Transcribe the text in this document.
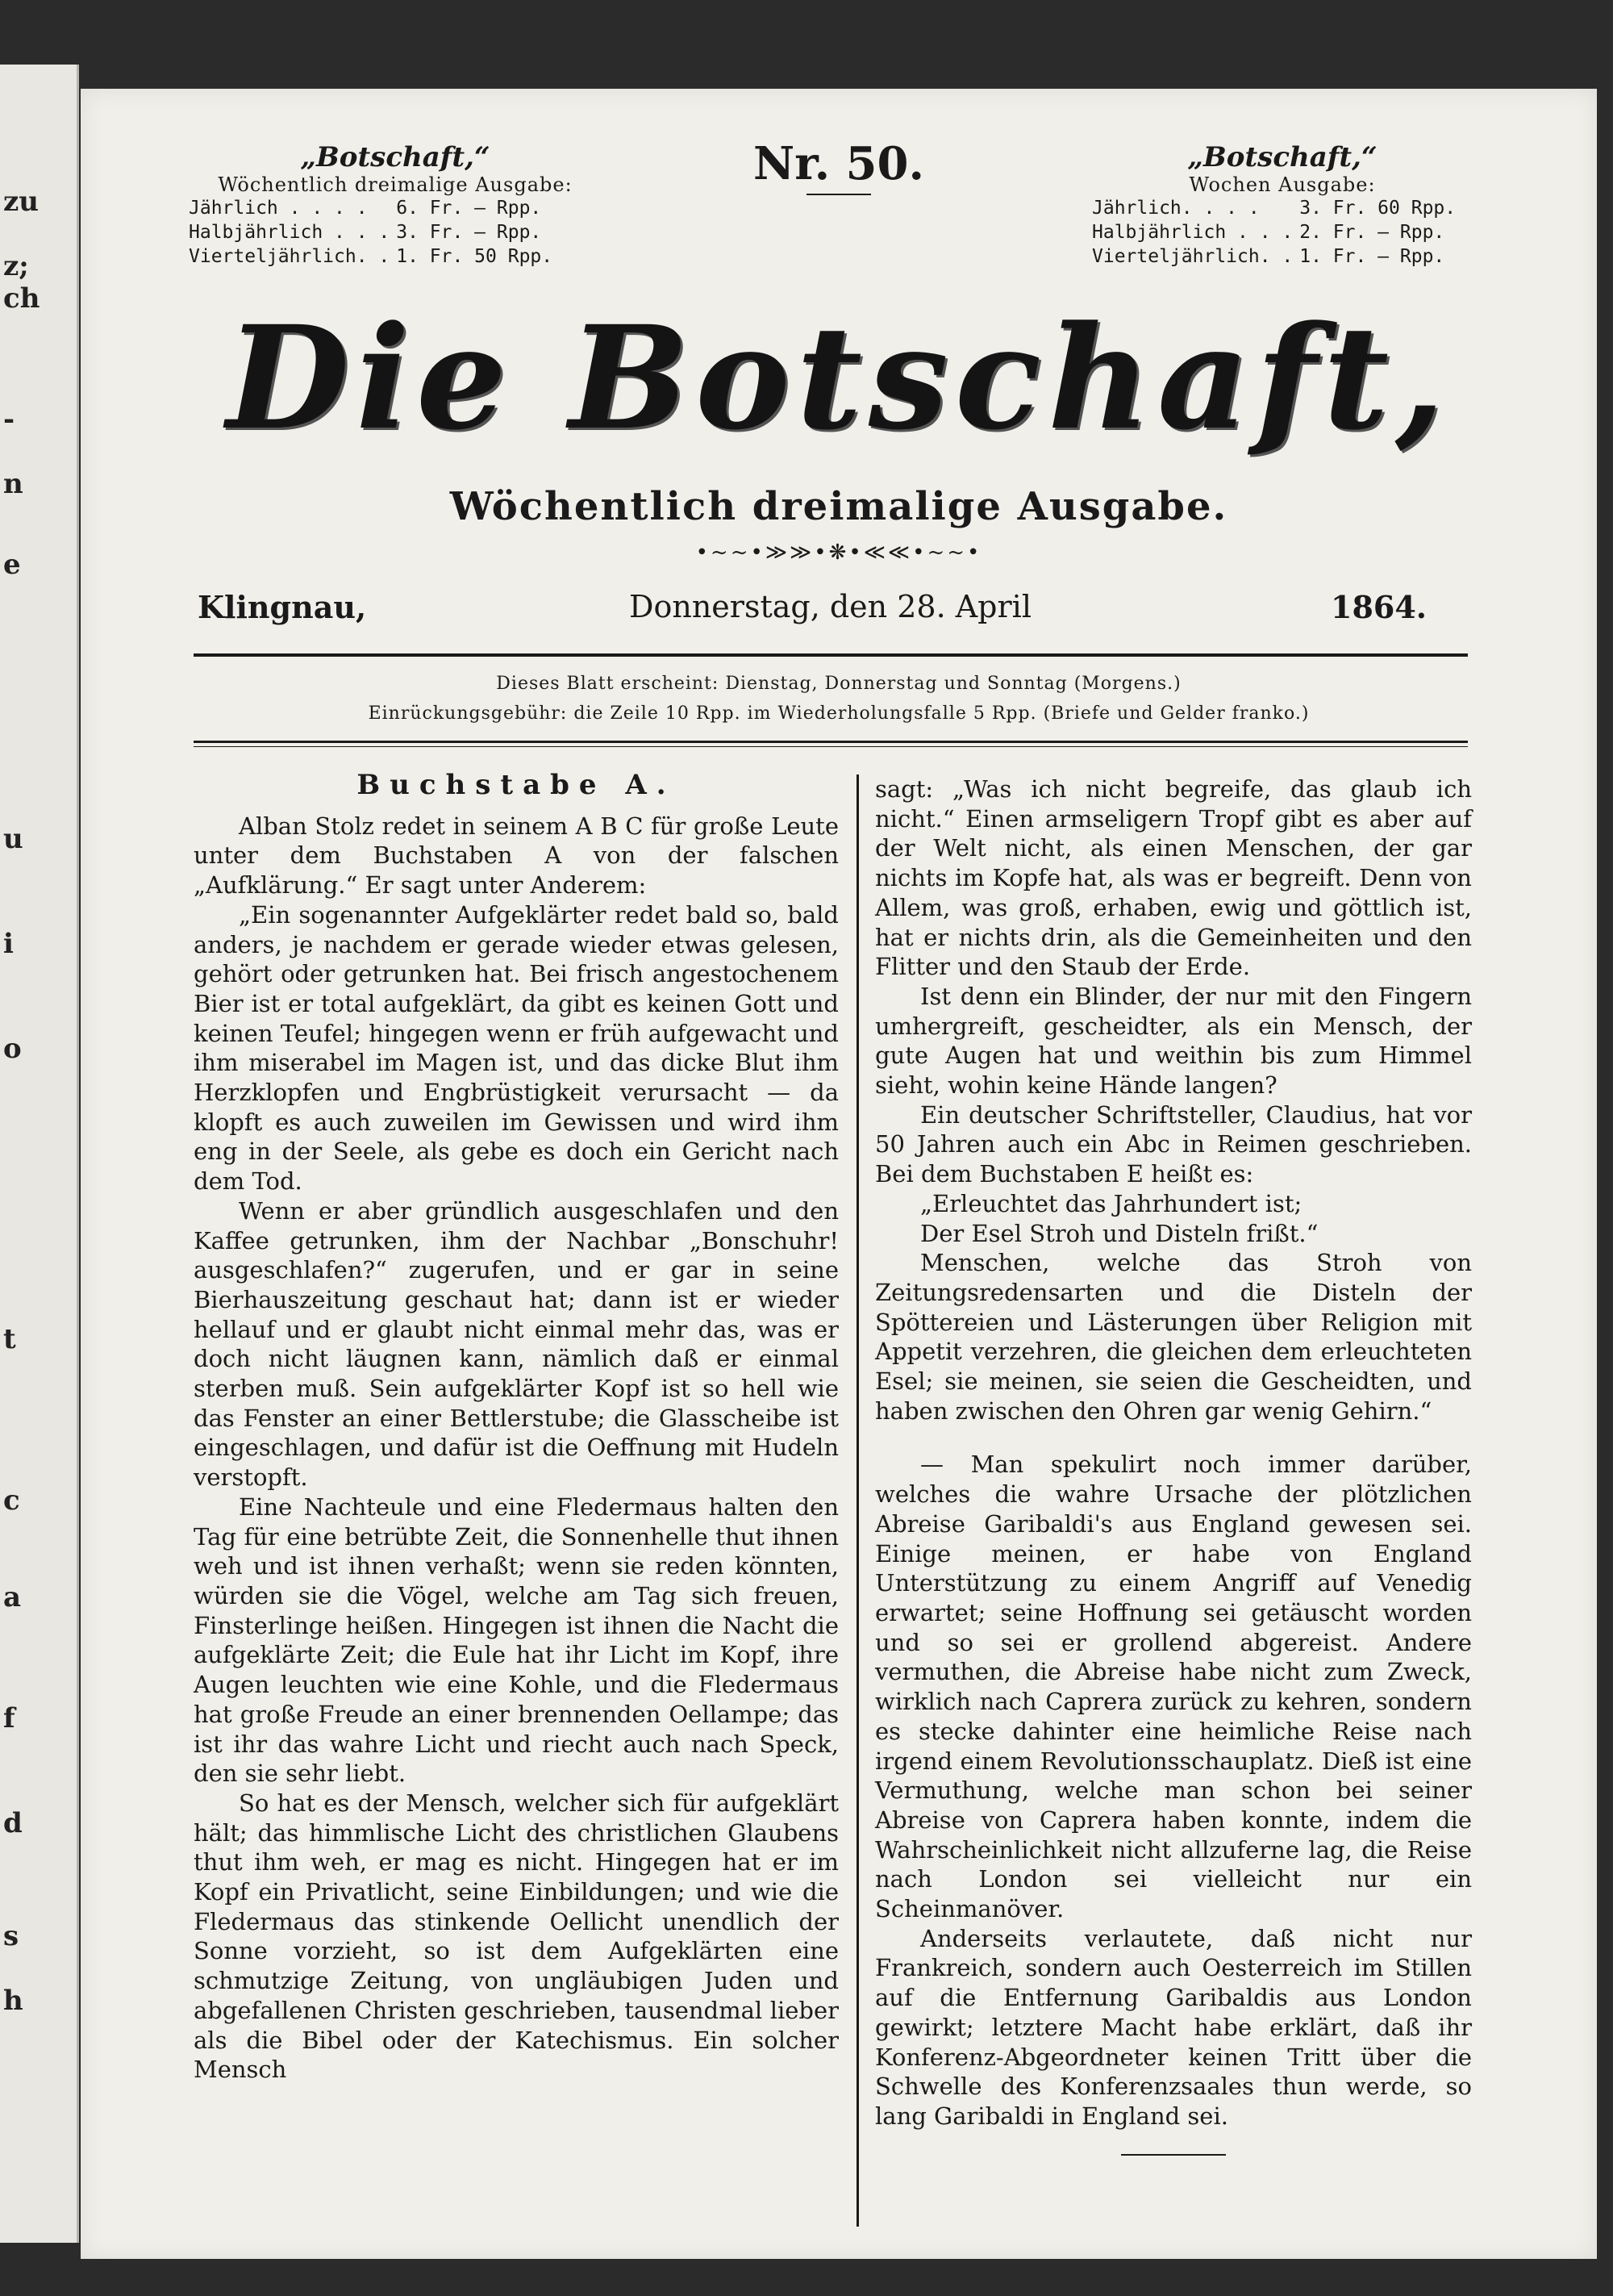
zu
z;
ch
-
n
e
u
i
o
t
c
a
f
d
s
h
„Botschaft,“
Wöchentlich dreimalige Ausgabe:
Jährlich . . . .	6. Fr. — Rpp.
Halbjährlich . . .	3. Fr. — Rpp.
Vierteljährlich. .	1. Fr. 50 Rpp.
Nr. 50.	„Botschaft,“
Wochen Ausgabe:
Jährlich. . . .	3. Fr. 60 Rpp.
Halbjährlich . . .	2. Fr. — Rpp.
Vierteljährlich. .	1. Fr. — Rpp.
Die Botschaft,
Wöchentlich dreimalige Ausgabe.
•~~•≫≫•❋•≪≪•~~•
Klingnau,	Donnerstag, den 28. April	1864.
Dieses Blatt erscheint: Dienstag, Donnerstag und Sonntag (Morgens.)
Einrückungsgebühr: die Zeile 10 Rpp. im Wiederholungsfalle 5 Rpp. (Briefe und Gelder franko.)
Buchstabe A.

Alban Stolz redet in seinem A B C für große Leute unter dem Buchstaben A von der falschen „Aufklärung.“ Er sagt unter Anderem:

„Ein sogenannter Aufgeklärter redet bald so, bald anders, je nachdem er gerade wieder etwas gelesen, gehört oder getrunken hat. Bei frisch angestochenem Bier ist er total aufgeklärt, da gibt es keinen Gott und keinen Teufel; hingegen wenn er früh aufgewacht und ihm miserabel im Magen ist, und das dicke Blut ihm Herzklopfen und Engbrüstigkeit verursacht — da klopft es auch zuweilen im Gewissen und wird ihm eng in der Seele, als gebe es doch ein Gericht nach dem Tod.

Wenn er aber gründlich ausgeschlafen und den Kaffee getrunken, ihm der Nachbar „Bonschuhr! ausgeschlafen?“ zugerufen, und er gar in seine Bierhauszeitung geschaut hat; dann ist er wieder hellauf und er glaubt nicht einmal mehr das, was er doch nicht läugnen kann, nämlich daß er einmal sterben muß. Sein aufgeklärter Kopf ist so hell wie das Fenster an einer Bettlerstube; die Glasscheibe ist eingeschlagen, und dafür ist die Oeffnung mit Hudeln verstopft.

Eine Nachteule und eine Fledermaus halten den Tag für eine betrübte Zeit, die Sonnenhelle thut ihnen weh und ist ihnen verhaßt; wenn sie reden könnten, würden sie die Vögel, welche am Tag sich freuen, Finsterlinge heißen. Hingegen ist ihnen die Nacht die aufgeklärte Zeit; die Eule hat ihr Licht im Kopf, ihre Augen leuchten wie eine Kohle, und die Fledermaus hat große Freude an einer brennenden Oellampe; das ist ihr das wahre Licht und riecht auch nach Speck, den sie sehr liebt.

So hat es der Mensch, welcher sich für aufgeklärt hält; das himmlische Licht des christlichen Glaubens thut ihm weh, er mag es nicht. Hingegen hat er im Kopf ein Privatlicht, seine Einbildungen; und wie die Fledermaus das stinkende Oellicht unendlich der Sonne vorzieht, so ist dem Aufgeklärten eine schmutzige Zeitung, von ungläubigen Juden und abgefallenen Christen geschrieben, tausendmal lieber als die Bibel oder der Katechismus. Ein solcher Mensch

sagt: „Was ich nicht begreife, das glaub ich nicht.“ Einen armseligern Tropf gibt es aber auf der Welt nicht, als einen Menschen, der gar nichts im Kopfe hat, als was er begreift. Denn von Allem, was groß, erhaben, ewig und göttlich ist, hat er nichts drin, als die Gemeinheiten und den Flitter und den Staub der Erde.

Ist denn ein Blinder, der nur mit den Fingern umhergreift, gescheidter, als ein Mensch, der gute Augen hat und weithin bis zum Himmel sieht, wohin keine Hände langen?

Ein deutscher Schriftsteller, Claudius, hat vor 50 Jahren auch ein Abc in Reimen geschrieben. Bei dem Buchstaben E heißt es:

„Erleuchtet das Jahrhundert ist;

Der Esel Stroh und Disteln frißt.“

Menschen, welche das Stroh von Zeitungsredensarten und die Disteln der Spöttereien und Lästerungen über Religion mit Appetit verzehren, die gleichen dem erleuchteten Esel; sie meinen, sie seien die Gescheidten, und haben zwischen den Ohren gar wenig Gehirn.“

— Man spekulirt noch immer darüber, welches die wahre Ursache der plötzlichen Abreise Garibaldi's aus England gewesen sei. Einige meinen, er habe von England Unterstützung zu einem Angriff auf Venedig erwartet; seine Hoffnung sei getäuscht worden und so sei er grollend abgereist. Andere vermuthen, die Abreise habe nicht zum Zweck, wirklich nach Caprera zurück zu kehren, sondern es stecke dahinter eine heimliche Reise nach irgend einem Revolutionsschauplatz. Dieß ist eine Vermuthung, welche man schon bei seiner Abreise von Caprera haben konnte, indem die Wahrscheinlichkeit nicht allzuferne lag, die Reise nach London sei vielleicht nur ein Scheinmanöver.

Anderseits verlautete, daß nicht nur Frankreich, sondern auch Oesterreich im Stillen auf die Entfernung Garibaldis aus London gewirkt; letztere Macht habe erklärt, daß ihr Konferenz-Abgeordneter keinen Tritt über die Schwelle des Konferenzsaales thun werde, so lang Garibaldi in England sei.
